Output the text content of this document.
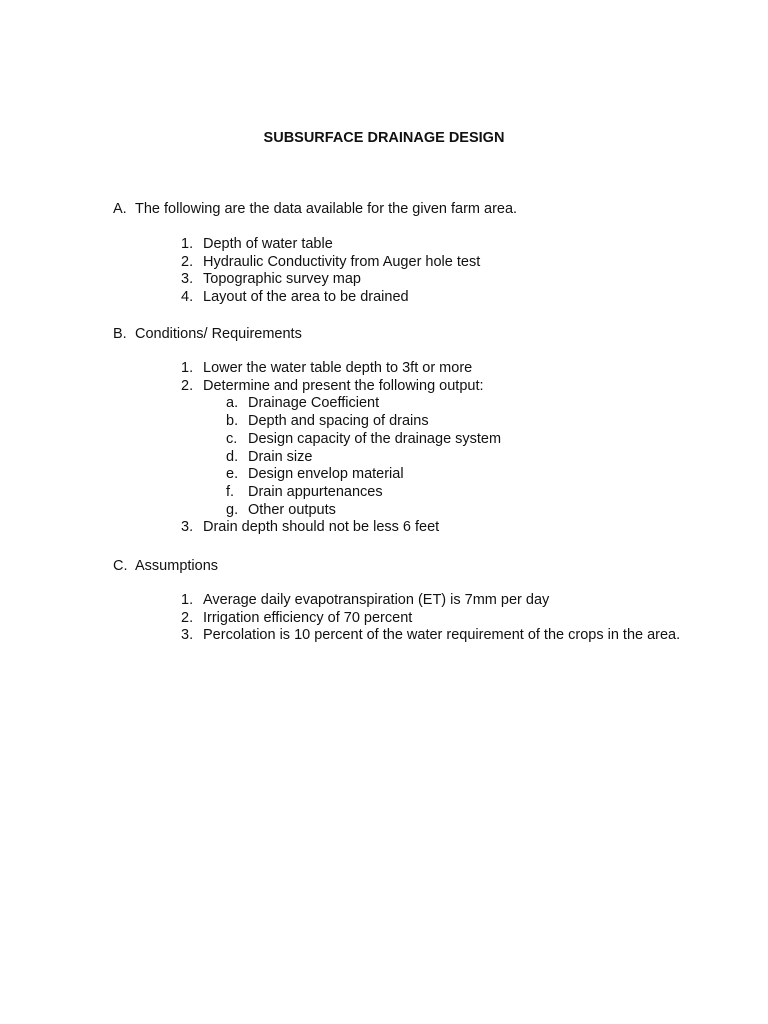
SUBSURFACE DRAINAGE DESIGN
A. The following are the data available for the given farm area.
1. Depth of water table
2. Hydraulic Conductivity from Auger hole test
3. Topographic survey map
4. Layout of the area to be drained
B. Conditions/ Requirements
1. Lower the water table depth to 3ft or more
2. Determine and present the following output:
a. Drainage Coefficient
b. Depth and spacing of drains
c. Design capacity of the drainage system
d. Drain size
e. Design envelop material
f. Drain appurtenances
g. Other outputs
3. Drain depth should not be less 6 feet
C. Assumptions
1. Average daily evapotranspiration (ET) is 7mm per day
2. Irrigation efficiency of 70 percent
3. Percolation is 10 percent of the water requirement of the crops in the area.
